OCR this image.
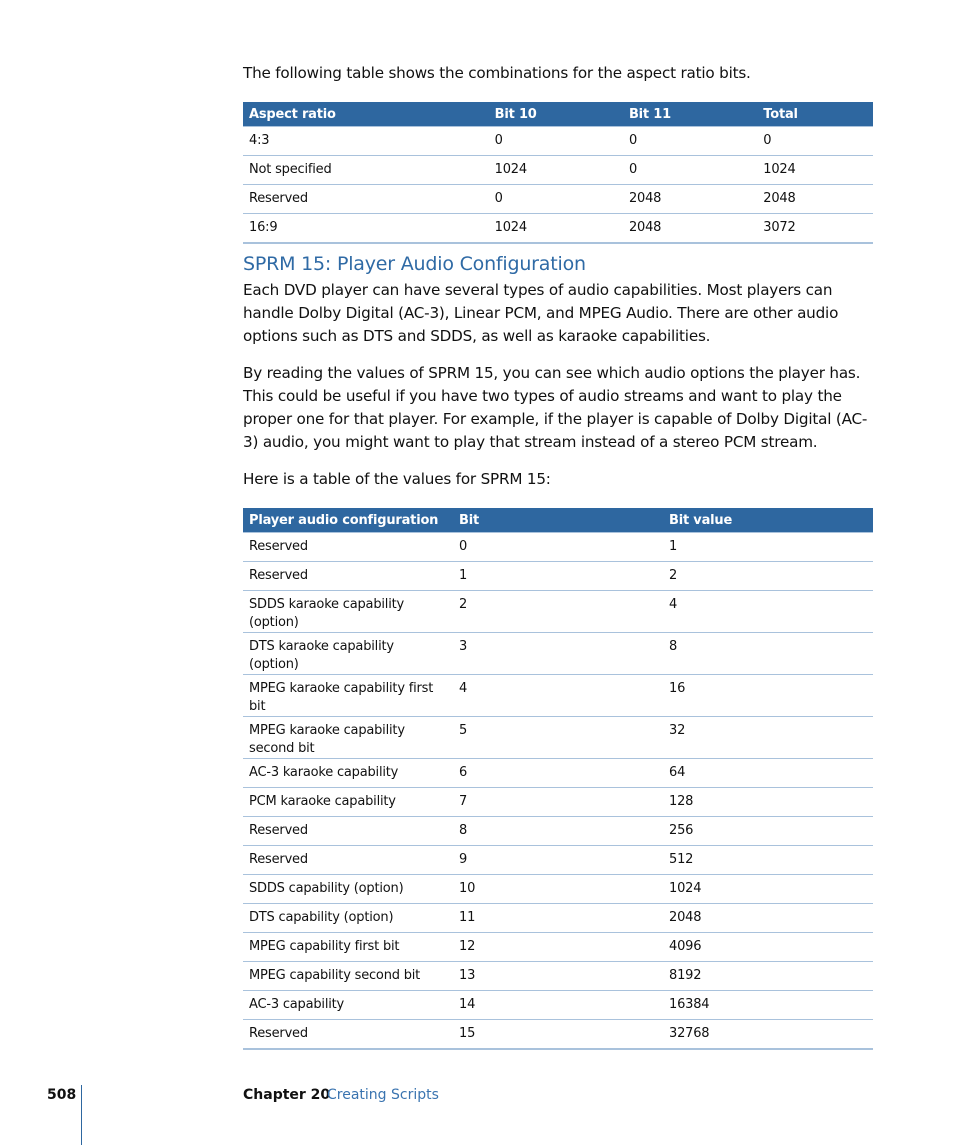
The following table shows the combinations for the aspect ratio bits.

Aspect ratio	Bit 10	Bit 11	Total
4:3	0	0	0
Not specified	1024	0	1024
Reserved	0	2048	2048
16:9	1024	2048	3072
SPRM 15: Player Audio Configuration

Each DVD player can have several types of audio capabilities. Most players can handle Dolby Digital (AC-3), Linear PCM, and MPEG Audio. There are other audio options such as DTS and SDDS, as well as karaoke capabilities.

By reading the values of SPRM 15, you can see which audio options the player has. This could be useful if you have two types of audio streams and want to play the proper one for that player. For example, if the player is capable of Dolby Digital (AC-3) audio, you might want to play that stream instead of a stereo PCM stream.

Here is a table of the values for SPRM 15:

Player audio configuration	Bit	Bit value
Reserved	0	1
Reserved	1	2
SDDS karaoke capability (option)	2	4
DTS karaoke capability (option)	3	8
MPEG karaoke capability first bit	4	16
MPEG karaoke capability second bit	5	32
AC-3 karaoke capability	6	64
PCM karaoke capability	7	128
Reserved	8	256
Reserved	9	512
SDDS capability (option)	10	1024
DTS capability (option)	11	2048
MPEG capability first bit	12	4096
MPEG capability second bit	13	8192
AC-3 capability	14	16384
Reserved	15	32768
508	Chapter 20
Creating Scripts
